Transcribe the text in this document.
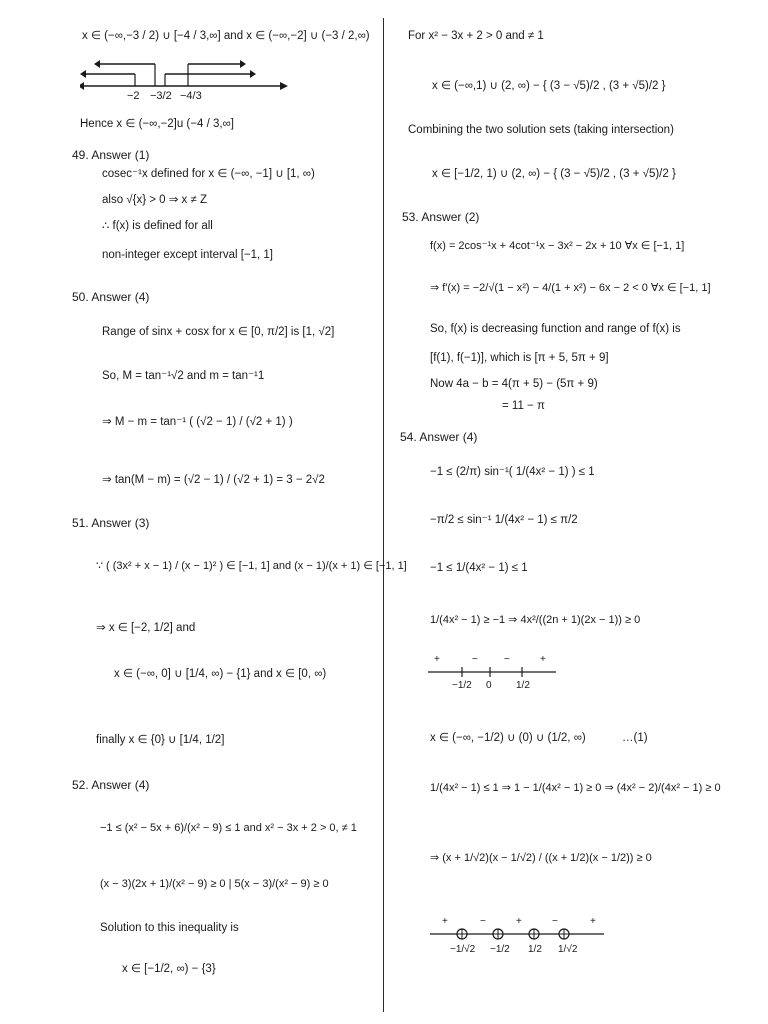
x ∈ (−∞,−3 / 2) ∪ [−4 / 3,∞] and x ∈ (−∞,−2] ∪ (−3 / 2,∞)
−2 −3/2 −4/3
Hence x ∈ (−∞,−2]u (−4 / 3,∞]
49. Answer (1)
cosec⁻¹x defined for x ∈ (−∞, −1] ∪ [1, ∞)
also √{x} > 0 ⇒ x ≠ Z
∴ f(x) is defined for all
non-integer except interval [−1, 1]
50. Answer (4)
Range of sinx + cosx for x ∈ [0, π/2] is [1, √2]
So, M = tan⁻¹√2 and m = tan⁻¹1
⇒ M − m = tan⁻¹ ( (√2 − 1) / (√2 + 1) )
⇒ tan(M − m) = (√2 − 1) / (√2 + 1) = 3 − 2√2
51. Answer (3)
∵ ( (3x² + x − 1) / (x − 1)² ) ∈ [−1, 1] and (x − 1)/(x + 1) ∈ [−1, 1]
⇒ x ∈ [−2, 1/2] and
x ∈ (−∞, 0] ∪ [1/4, ∞) − {1} and x ∈ [0, ∞)
finally x ∈ {0} ∪ [1/4, 1/2]
52. Answer (4)
−1 ≤ (x² − 5x + 6)/(x² − 9) ≤ 1 and x² − 3x + 2 > 0, ≠ 1
(x − 3)(2x + 1)/(x² − 9) ≥ 0 | 5(x − 3)/(x² − 9) ≥ 0
Solution to this inequality is
x ∈ [−1/2, ∞) − {3}
For x² − 3x + 2 > 0 and ≠ 1
x ∈ (−∞,1) ∪ (2, ∞) − { (3 − √5)/2 , (3 + √5)/2 }
Combining the two solution sets (taking intersection)
x ∈ [−1/2, 1) ∪ (2, ∞) − { (3 − √5)/2 , (3 + √5)/2 }
53. Answer (2)
f(x) = 2cos⁻¹x + 4cot⁻¹x − 3x² − 2x + 10 ∀x ∈ [−1, 1]
⇒ f′(x) = −2/√(1 − x²) − 4/(1 + x²) − 6x − 2 < 0 ∀x ∈ [−1, 1]
So, f(x) is decreasing function and range of f(x) is
[f(1), f(−1)], which is [π + 5, 5π + 9]
Now 4a − b = 4(π + 5) − (5π + 9)
= 11 − π
54. Answer (4)
−1 ≤ (2/π) sin⁻¹( 1/(4x² − 1) ) ≤ 1
−π/2 ≤ sin⁻¹ 1/(4x² − 1) ≤ π/2
−1 ≤ 1/(4x² − 1) ≤ 1
1/(4x² − 1) ≥ −1 ⇒ 4x²/((2n + 1)(2x − 1)) ≥ 0
+	−	−	+
−1/2 0 1/2
x ∈ (−∞, −1/2) ∪ (0) ∪ (1/2, ∞)	…(1)
1/(4x² − 1) ≤ 1 ⇒ 1 − 1/(4x² − 1) ≥ 0 ⇒ (4x² − 2)/(4x² − 1) ≥ 0
⇒ (x + 1/√2)(x − 1/√2) / ((x + 1/2)(x − 1/2)) ≥ 0
+	−	+	−	+
−1/√2 −1/2 1/2 1/√2
